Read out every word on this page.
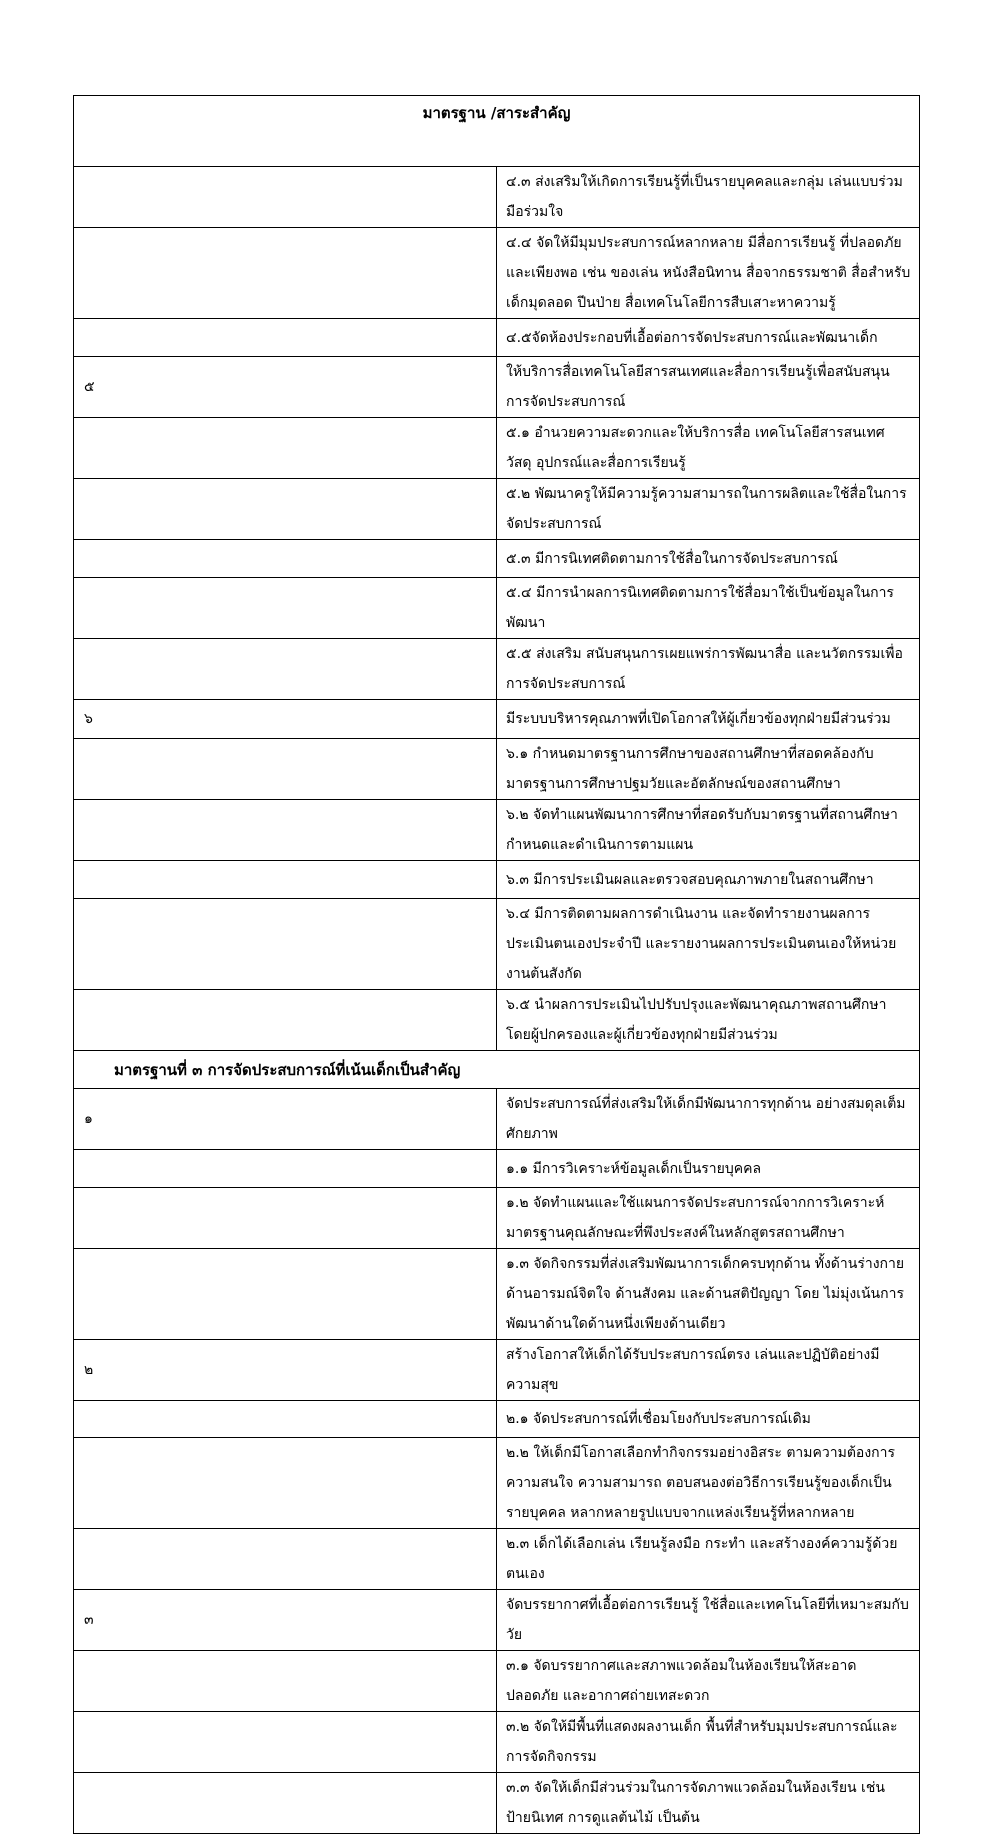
มาตรฐาน /สาระสำคัญ	
	๔.๓ ส่งเสริมให้เกิดการเรียนรู้ที่เป็นรายบุคคลและกลุ่ม เล่นแบบร่วมมือร่วมใจ
	๔.๔ จัดให้มีมุมประสบการณ์หลากหลาย มีสื่อการเรียนรู้ ที่ปลอดภัยและเพียงพอ เช่น ของเล่น หนังสือนิทาน สื่อจากธรรมชาติ สื่อสำหรับเด็กมุดลอด ปีนป่าย สื่อเทคโนโลยีการสืบเสาะหาความรู้
	๔.๕จัดห้องประกอบที่เอื้อต่อการจัดประสบการณ์และพัฒนาเด็ก
๕	ให้บริการสื่อเทคโนโลยีสารสนเทศและสื่อการเรียนรู้เพื่อสนับสนุนการจัดประสบการณ์
	๕.๑ อำนวยความสะดวกและให้บริการสื่อ เทคโนโลยีสารสนเทศ วัสดุ อุปกรณ์และสื่อการเรียนรู้
	๕.๒ พัฒนาครูให้มีความรู้ความสามารถในการผลิตและใช้สื่อในการจัดประสบการณ์
	๕.๓ มีการนิเทศติดตามการใช้สื่อในการจัดประสบการณ์
	๕.๔ มีการนำผลการนิเทศติดตามการใช้สื่อมาใช้เป็นข้อมูลในการพัฒนา
	๕.๕ ส่งเสริม สนับสนุนการเผยแพร่การพัฒนาสื่อ และนวัตกรรมเพื่อการจัดประสบการณ์
๖	มีระบบบริหารคุณภาพที่เปิดโอกาสให้ผู้เกี่ยวข้องทุกฝ่ายมีส่วนร่วม
	๖.๑ กำหนดมาตรฐานการศึกษาของสถานศึกษาที่สอดคล้องกับมาตรฐานการศึกษาปฐมวัยและอัตลักษณ์ของสถานศึกษา
	๖.๒ จัดทำแผนพัฒนาการศึกษาที่สอดรับกับมาตรฐานที่สถานศึกษากำหนดและดำเนินการตามแผน
	๖.๓ มีการประเมินผลและตรวจสอบคุณภาพภายในสถานศึกษา
	๖.๔ มีการติดตามผลการดำเนินงาน และจัดทำรายงานผลการประเมินตนเองประจำปี และรายงานผลการประเมินตนเองให้หน่วยงานต้นสังกัด
	๖.๕ นำผลการประเมินไปปรับปรุงและพัฒนาคุณภาพสถานศึกษา โดยผู้ปกครองและผู้เกี่ยวข้องทุกฝ่ายมีส่วนร่วม
มาตรฐานที่ ๓ การจัดประสบการณ์ที่เน้นเด็กเป็นสำคัญ	
๑	จัดประสบการณ์ที่ส่งเสริมให้เด็กมีพัฒนาการทุกด้าน อย่างสมดุลเต็มศักยภาพ
	๑.๑ มีการวิเคราะห์ข้อมูลเด็กเป็นรายบุคคล
	๑.๒ จัดทำแผนและใช้แผนการจัดประสบการณ์จากการวิเคราะห์มาตรฐานคุณลักษณะที่พึงประสงค์ในหลักสูตรสถานศึกษา
	๑.๓ จัดกิจกรรมที่ส่งเสริมพัฒนาการเด็กครบทุกด้าน ทั้งด้านร่างกาย ด้านอารมณ์จิตใจ ด้านสังคม และด้านสติปัญญา โดย ไม่มุ่งเน้นการพัฒนาด้านใดด้านหนึ่งเพียงด้านเดียว
๒	สร้างโอกาสให้เด็กได้รับประสบการณ์ตรง เล่นและปฏิบัติอย่างมีความสุข
	๒.๑ จัดประสบการณ์ที่เชื่อมโยงกับประสบการณ์เดิม
	๒.๒ ให้เด็กมีโอกาสเลือกทำกิจกรรมอย่างอิสระ ตามความต้องการความสนใจ ความสามารถ ตอบสนองต่อวิธีการเรียนรู้ของเด็กเป็นรายบุคคล หลากหลายรูปแบบจากแหล่งเรียนรู้ที่หลากหลาย
	๒.๓ เด็กได้เลือกเล่น เรียนรู้ลงมือ กระทำ และสร้างองค์ความรู้ด้วยตนเอง
๓	จัดบรรยากาศที่เอื้อต่อการเรียนรู้ ใช้สื่อและเทคโนโลยีที่เหมาะสมกับวัย
	๓.๑ จัดบรรยากาศและสภาพแวดล้อมในห้องเรียนให้สะอาด ปลอดภัย และอากาศถ่ายเทสะดวก
	๓.๒ จัดให้มีพื้นที่แสดงผลงานเด็ก พื้นที่สำหรับมุมประสบการณ์และการจัดกิจกรรม
	๓.๓ จัดให้เด็กมีส่วนร่วมในการจัดภาพแวดล้อมในห้องเรียน เช่น ป้ายนิเทศ การดูแลต้นไม้ เป็นต้น
